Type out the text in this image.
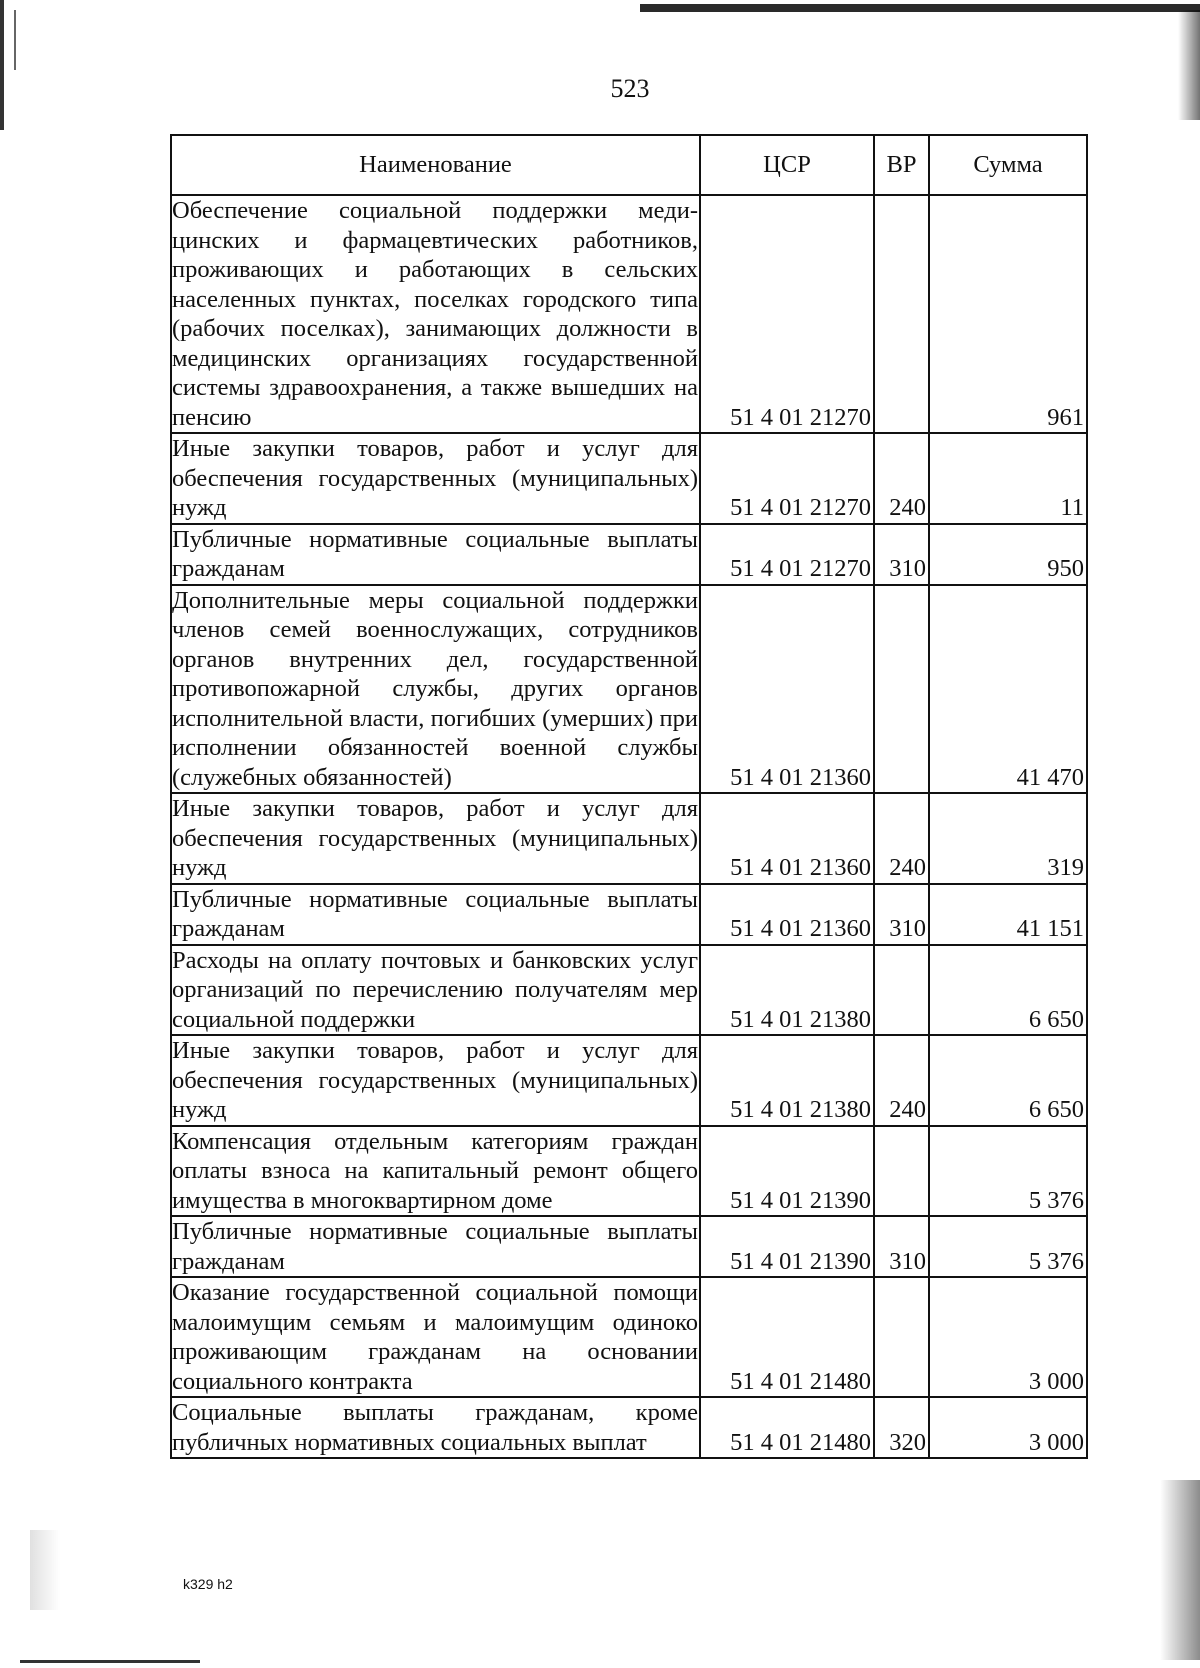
523
Наименование	ЦСР	ВР	Сумма
Обеспечение социальной поддержки медицинских и фармацевтических работников, проживающих и работающих в сельских населенных пунктах, поселках городского типа (рабочих поселках), занимающих должности в медицинских организациях государственной системы здравоохранения, а также вышедших на пенсию	51 4 01 21270		961
Иные закупки товаров, работ и услуг для обеспечения государственных (муниципальных) нужд	51 4 01 21270	240	11
Публичные нормативные социальные выплаты гражданам	51 4 01 21270	310	950
Дополнительные меры социальной поддержки членов семей военнослужащих, сотрудников органов внутренних дел, государственной противопожарной службы, других органов исполнительной власти, погибших (умерших) при исполнении обязанностей военной службы (служебных обязанностей)	51 4 01 21360		41 470
Иные закупки товаров, работ и услуг для обеспечения государственных (муниципальных) нужд	51 4 01 21360	240	319
Публичные нормативные социальные выплаты гражданам	51 4 01 21360	310	41 151
Расходы на оплату почтовых и банковских услуг организаций по перечислению получателям мер социальной поддержки	51 4 01 21380		6 650
Иные закупки товаров, работ и услуг для обеспечения государственных (муниципальных) нужд	51 4 01 21380	240	6 650
Компенсация отдельным категориям граждан оплаты взноса на капитальный ремонт общего имущества в многоквартирном доме	51 4 01 21390		5 376
Публичные нормативные социальные выплаты гражданам	51 4 01 21390	310	5 376
Оказание государственной социальной помощи малоимущим семьям и малоимущим одиноко проживающим гражданам на основании социального контракта	51 4 01 21480		3 000
Социальные выплаты гражданам, кроме публичных нормативных социальных выплат	51 4 01 21480	320	3 000
k329 h2
